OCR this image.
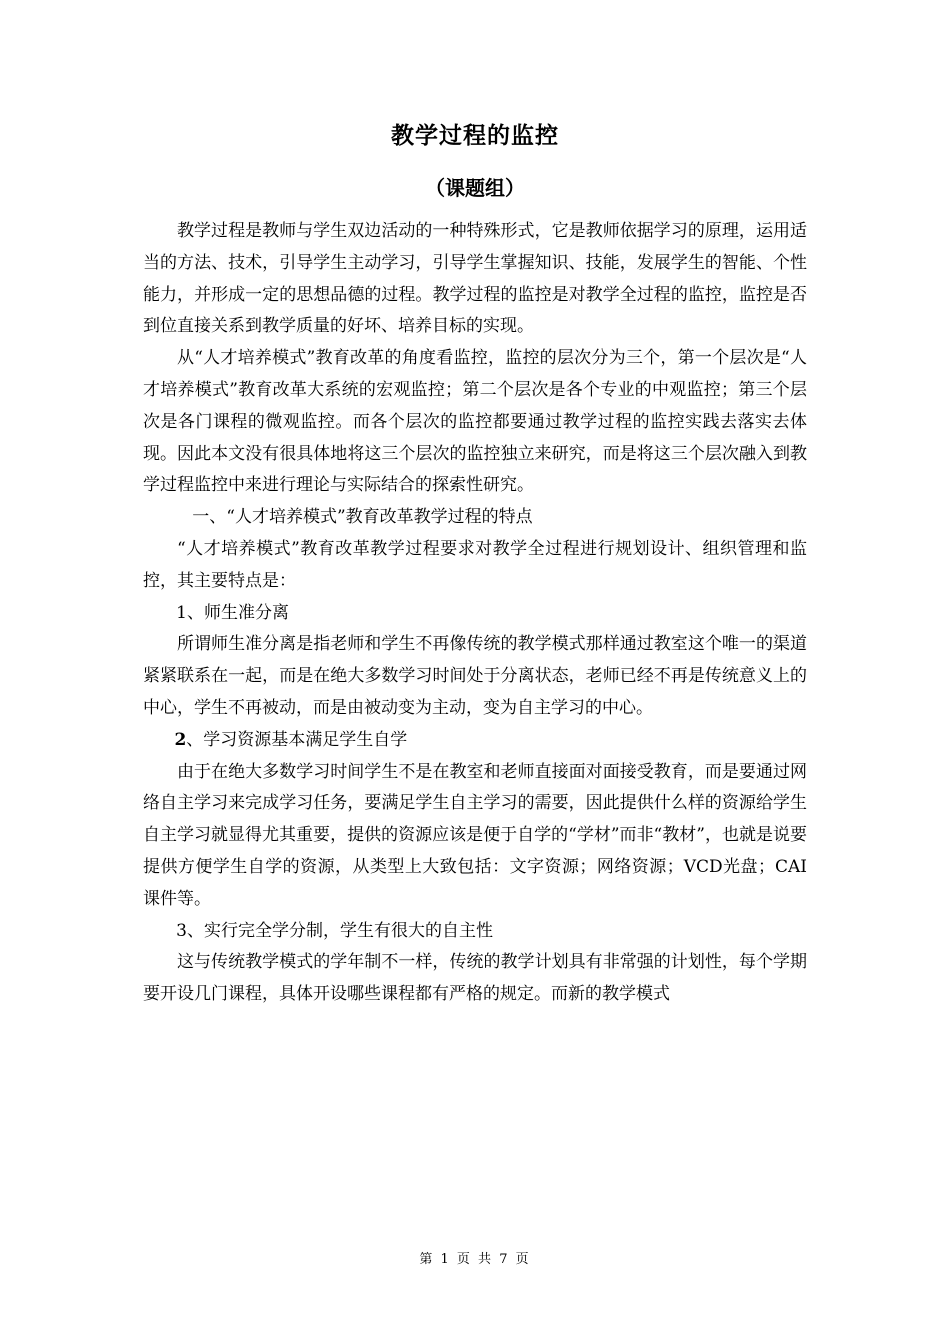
教学过程的监控
（课题组）

教学过程是教师与学生双边活动的一种特殊形式，它是教师依据学习的原理，运用适当的方法、技术，引导学生主动学习，引导学生掌握知识、技能，发展学生的智能、个性能力，并形成一定的思想品德的过程。教学过程的监控是对教学全过程的监控，监控是否到位直接关系到教学质量的好坏、培养目标的实现。

从“人才培养模式”教育改革的角度看监控，监控的层次分为三个，第一个层次是“人才培养模式”教育改革大系统的宏观监控；第二个层次是各个专业的中观监控；第三个层次是各门课程的微观监控。而各个层次的监控都要通过教学过程的监控实践去落实去体现。因此本文没有很具体地将这三个层次的监控独立来研究，而是将这三个层次融入到教学过程监控中来进行理论与实际结合的探索性研究。

一、“人才培养模式”教育改革教学过程的特点

“人才培养模式”教育改革教学过程要求对教学全过程进行规划设计、组织管理和监控，其主要特点是：

1、师生准分离

所谓师生准分离是指老师和学生不再像传统的教学模式那样通过教室这个唯一的渠道紧紧联系在一起，而是在绝大多数学习时间处于分离状态，老师已经不再是传统意义上的中心，学生不再被动，而是由被动变为主动，变为自主学习的中心。

2、学习资源基本满足学生自学

由于在绝大多数学习时间学生不是在教室和老师直接面对面接受教育，而是要通过网络自主学习来完成学习任务，要满足学生自主学习的需要，因此提供什么样的资源给学生自主学习就显得尤其重要，提供的资源应该是便于自学的“学材”而非“教材”，也就是说要提供方便学生自学的资源，从类型上大致包括：文字资源；网络资源；VCD光盘；CAI课件等。

3、实行完全学分制，学生有很大的自主性

这与传统教学模式的学年制不一样，传统的教学计划具有非常强的计划性，每个学期要开设几门课程，具体开设哪些课程都有严格的规定。而新的教学模式

第 1 页 共 7 页
